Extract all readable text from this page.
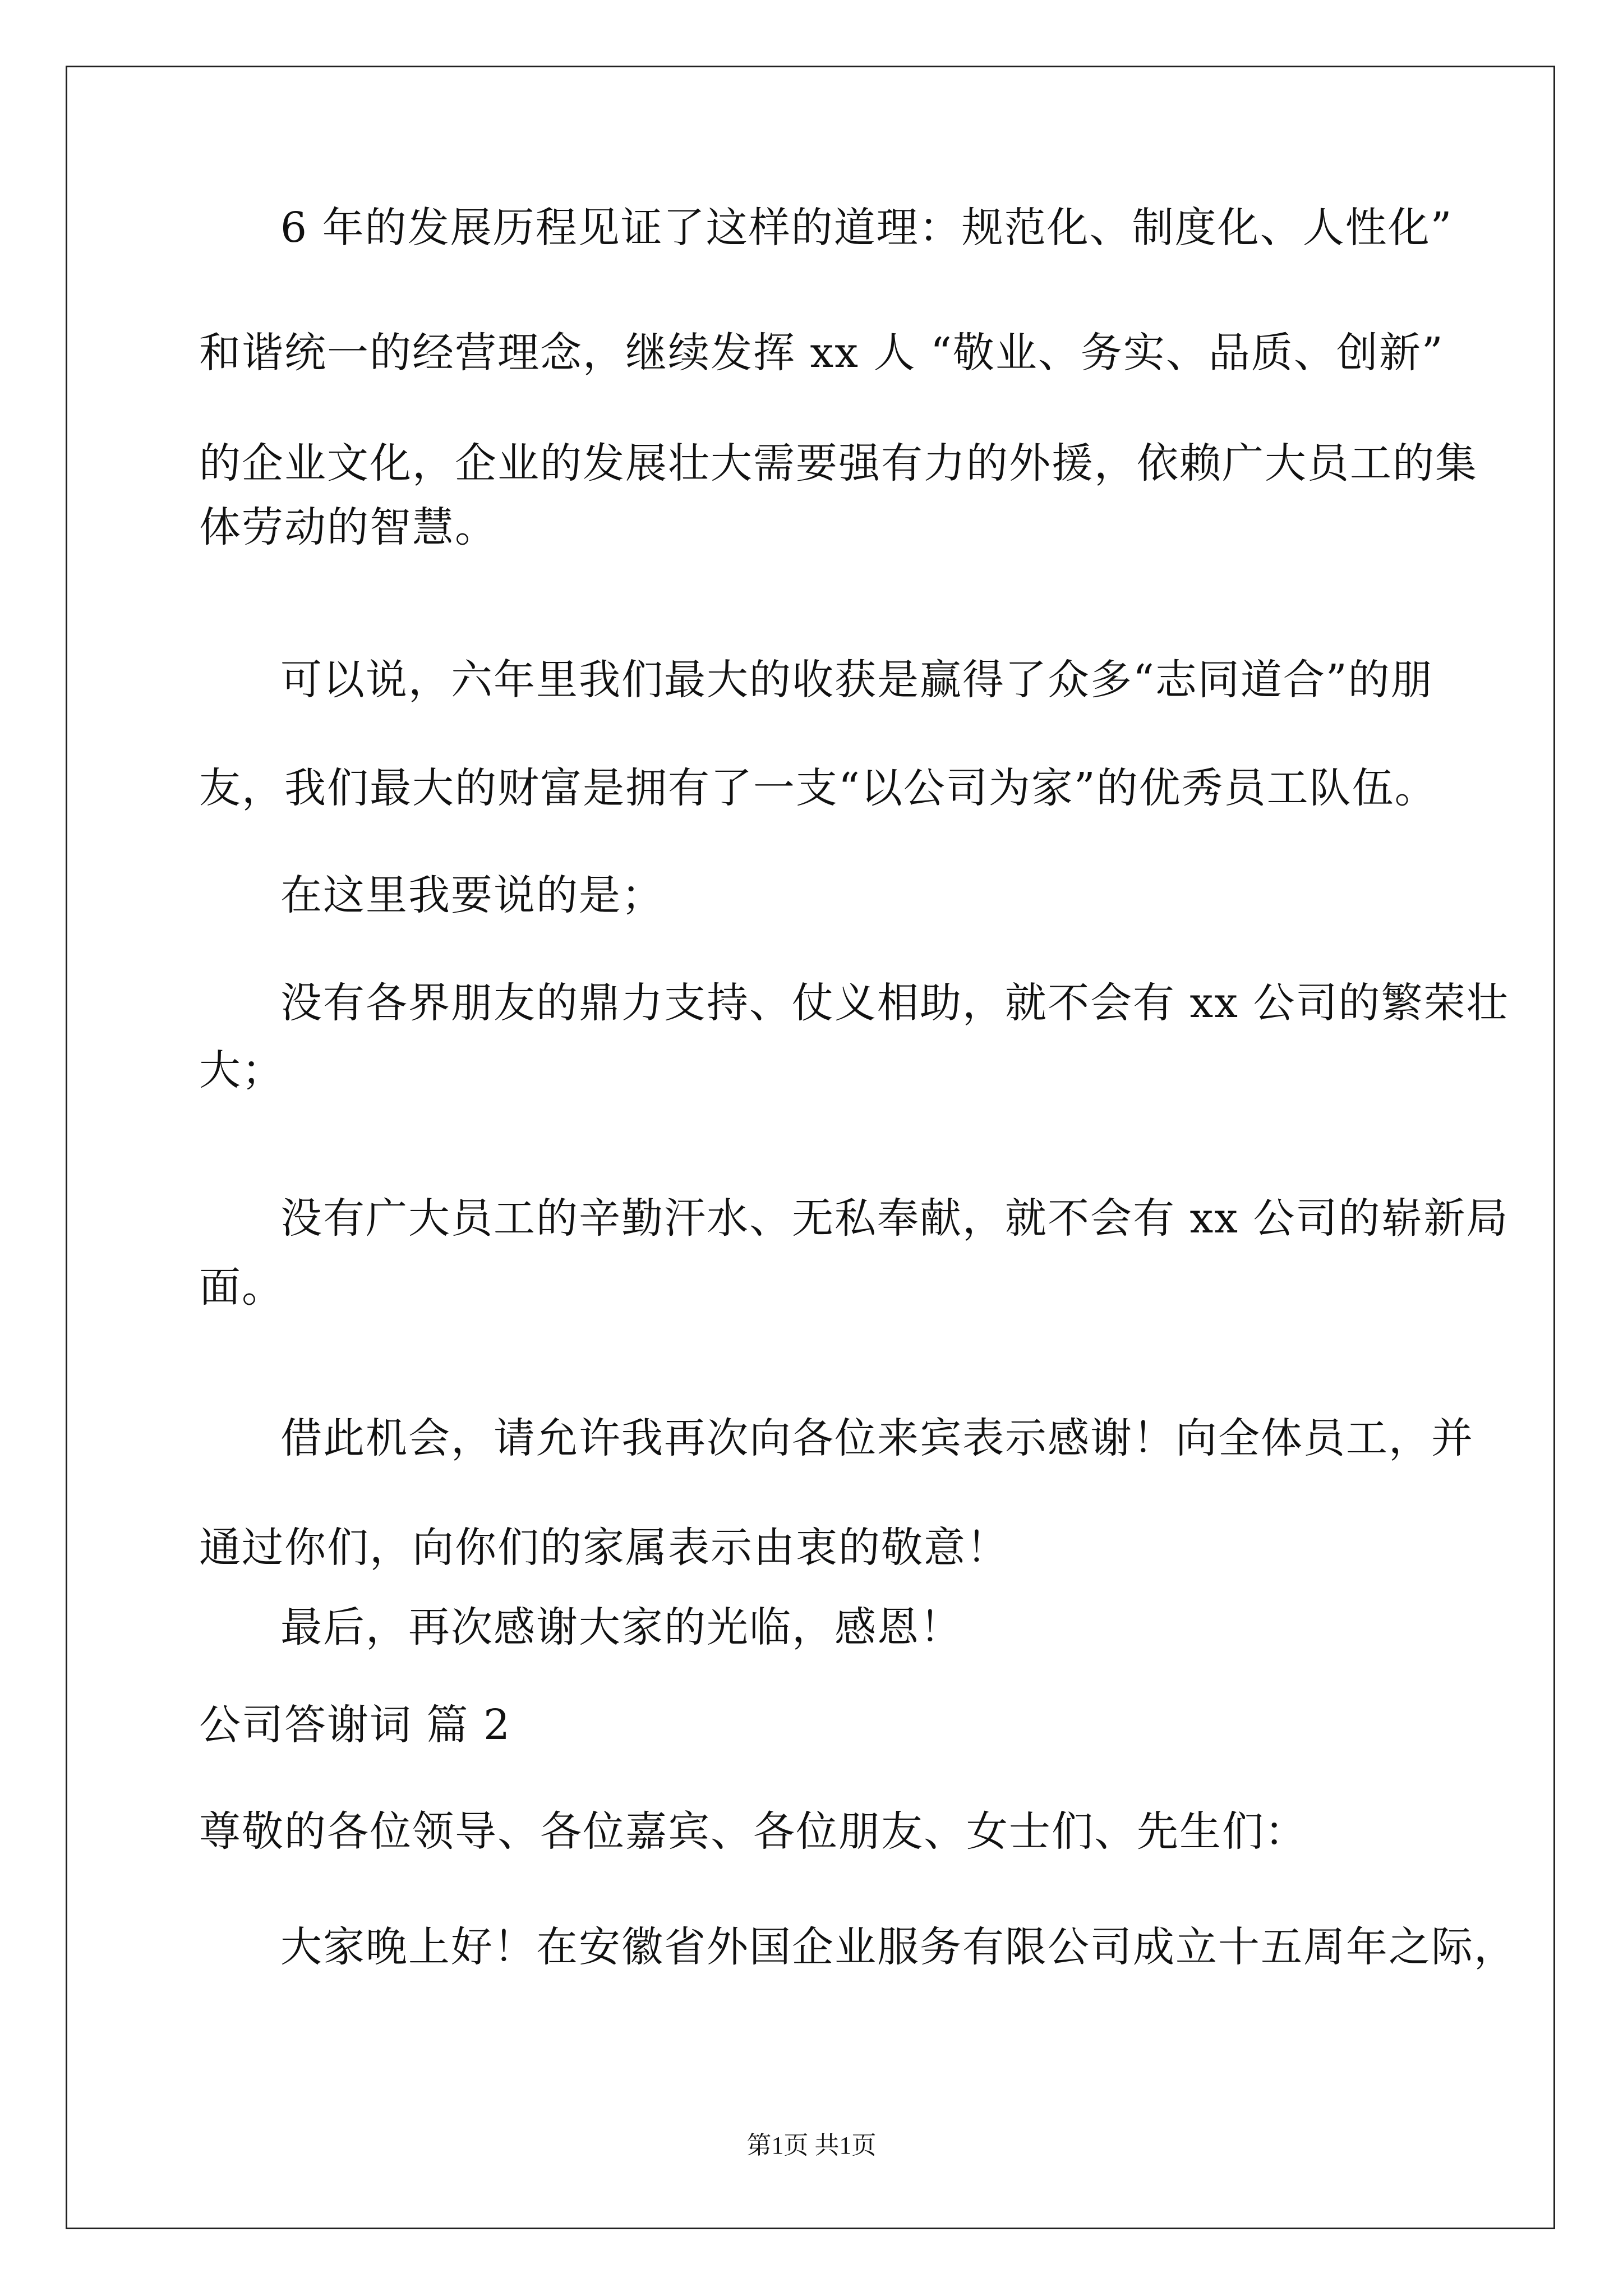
6 年的发展历程见证了这样的道理：规范化、制度化、人性化”
和谐统一的经营理念，继续发挥 xx 人 “敬业、务实、品质、创新”
的企业文化，企业的发展壮大需要强有力的外援，依赖广大员工的集
体劳动的智慧。
可以说，六年里我们最大的收获是赢得了众多“志同道合”的朋
友，我们最大的财富是拥有了一支“以公司为家”的优秀员工队伍。
在这里我要说的是；
没有各界朋友的鼎力支持、仗义相助，就不会有 xx 公司的繁荣壮
大；
没有广大员工的辛勤汗水、无私奉献，就不会有 xx 公司的崭新局
面。
借此机会，请允许我再次向各位来宾表示感谢！向全体员工，并
通过你们，向你们的家属表示由衷的敬意！
最后，再次感谢大家的光临，感恩！
公司答谢词 篇 2
尊敬的各位领导、各位嘉宾、各位朋友、女士们、先生们：
大家晚上好！在安徽省外国企业服务有限公司成立十五周年之际，
第1页 共1页
